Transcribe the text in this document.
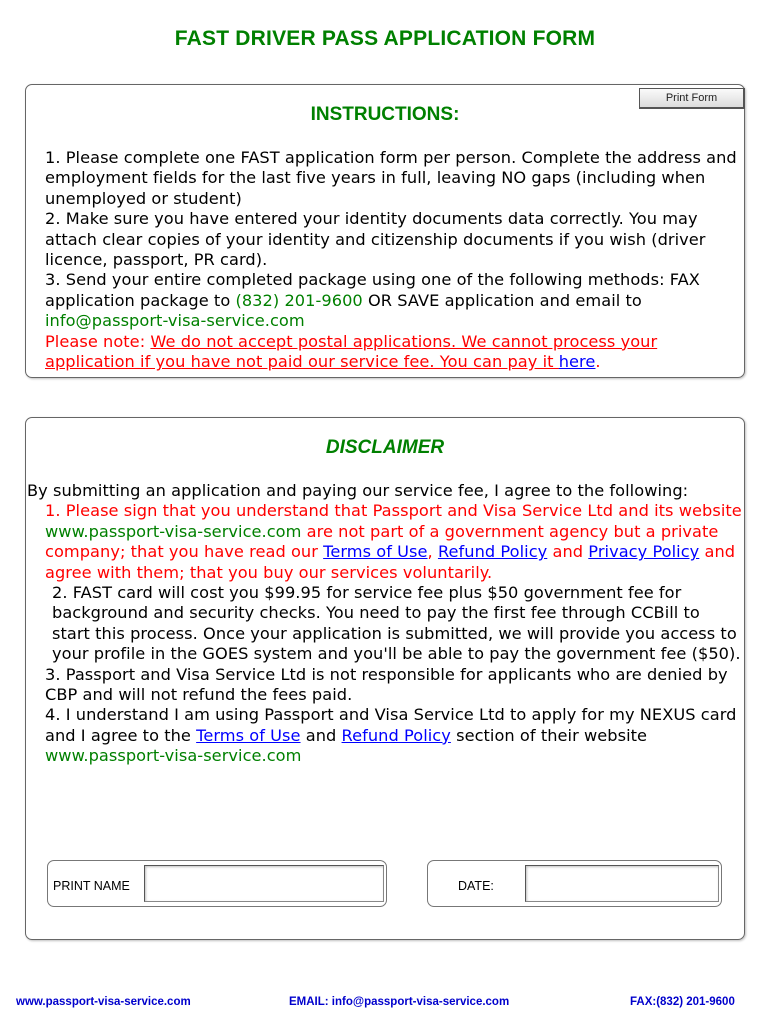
FAST DRIVER PASS APPLICATION FORM
Print Form
INSTRUCTIONS:
1. Please complete one FAST application form per person. Complete the address and employment fields for the last five years in full, leaving NO gaps (including when unemployed or student)
2. Make sure you have entered your identity documents data correctly. You may attach clear copies of your identity and citizenship documents if you wish (driver licence, passport, PR card).
3. Send your entire completed package using one of the following methods: FAX application package to (832) 201-9600 OR SAVE application and email to info@passport-visa-service.com
Please note: We do not accept postal applications. We cannot process your application if you have not paid our service fee. You can pay it here.
DISCLAIMER
By submitting an application and paying our service fee, I agree to the following:
1. Please sign that you understand that Passport and Visa Service Ltd and its website www.passport-visa-service.com are not part of a government agency but a private company; that you have read our Terms of Use, Refund Policy and Privacy Policy and agree with them; that you buy our services voluntarily.
2. FAST card will cost you $99.95 for service fee plus $50 government fee for background and security checks. You need to pay the first fee through CCBill to start this process. Once your application is submitted, we will provide you access to your profile in the GOES system and you'll be able to pay the government fee ($50).
3. Passport and Visa Service Ltd is not responsible for applicants who are denied by CBP and will not refund the fees paid.
4. I understand I am using Passport and Visa Service Ltd to apply for my NEXUS card and I agree to the Terms of Use and Refund Policy section of their website www.passport-visa-service.com
PRINT NAME	DATE:
www.passport-visa-service.com	EMAIL: info@passport-visa-service.com	FAX:(832) 201-9600
